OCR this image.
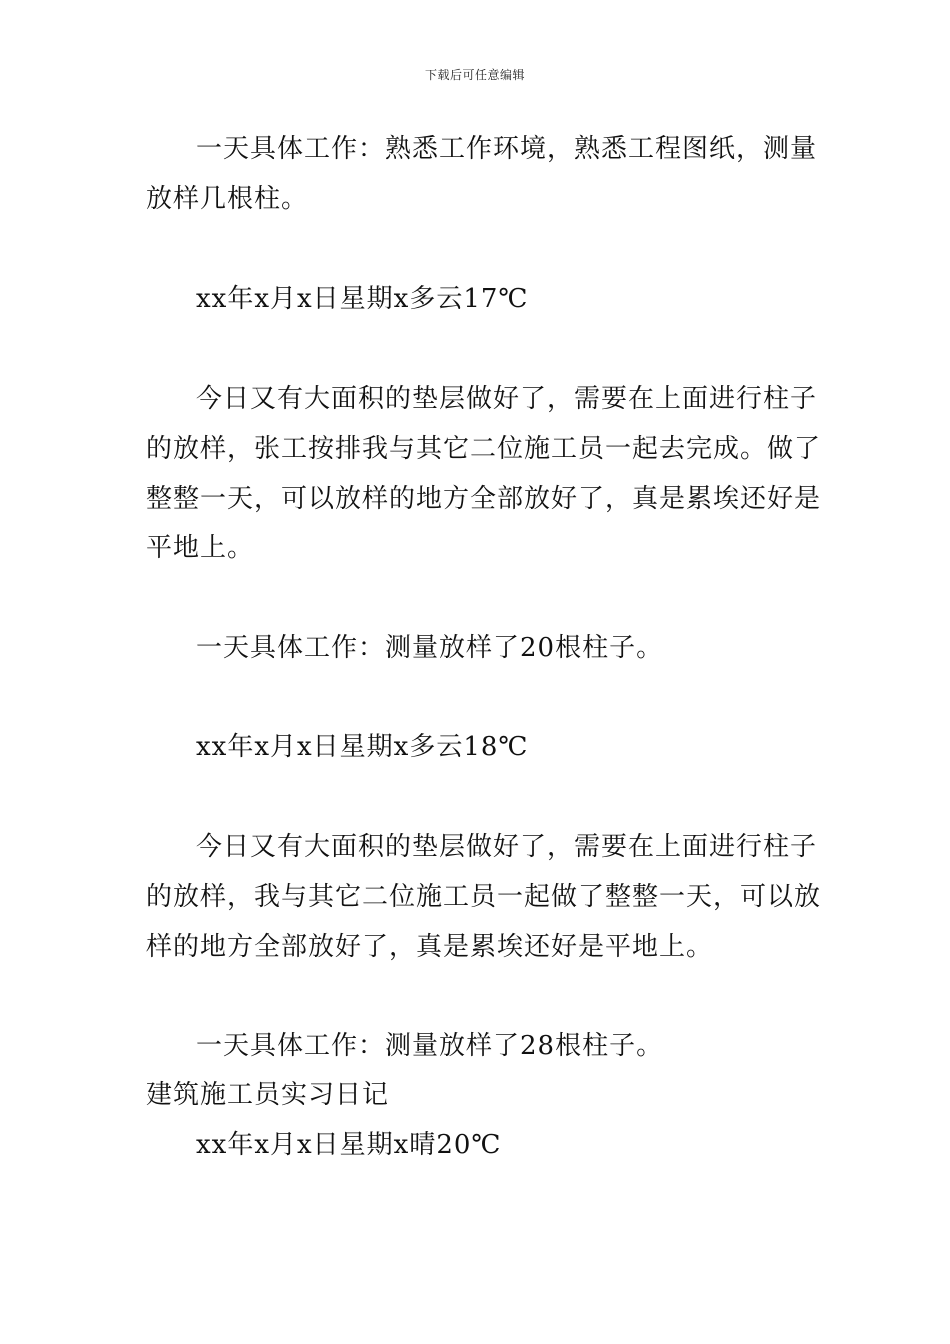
下载后可任意编辑
一天具体工作：熟悉工作环境，熟悉工程图纸，测量
放样几根柱。
xx年x月x日星期x多云17℃
今日又有大面积的垫层做好了，需要在上面进行柱子
的放样，张工按排我与其它二位施工员一起去完成。做了
整整一天，可以放样的地方全部放好了，真是累埃还好是
平地上。
一天具体工作：测量放样了20根柱子。
xx年x月x日星期x多云18℃
今日又有大面积的垫层做好了，需要在上面进行柱子
的放样，我与其它二位施工员一起做了整整一天，可以放
样的地方全部放好了，真是累埃还好是平地上。
一天具体工作：测量放样了28根柱子。
建筑施工员实习日记
xx年x月x日星期x晴20℃
